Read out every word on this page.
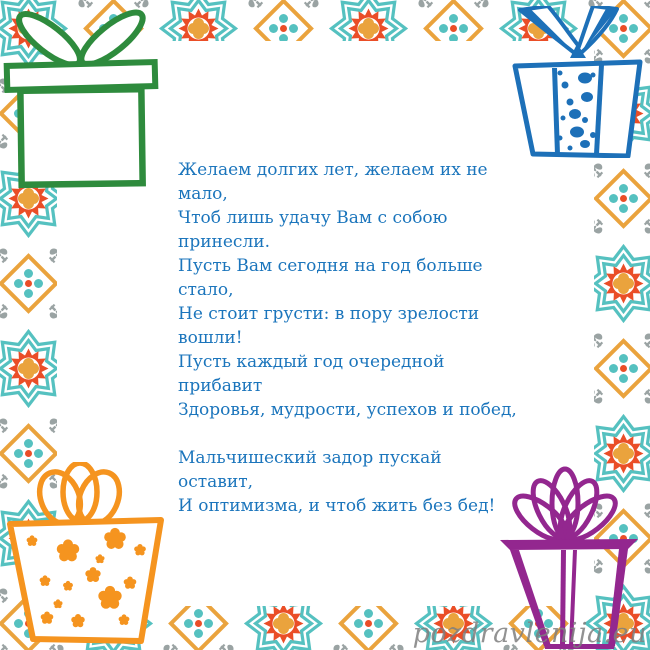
Желаем долгих лет, желаем их не
мало,
Чтоб лишь удачу Вам с собою
принесли.
Пусть Вам сегодня на год больше
стало,
Не стоит грусти: в пору зрелости
вошли!
Пусть каждый год очередной
прибавит
Здоровья, мудрости, успехов и побед,
Мальчишеский задор пускай
оставит,
И оптимизма, и чтоб жить без бед!
pozdravlenija.eu
